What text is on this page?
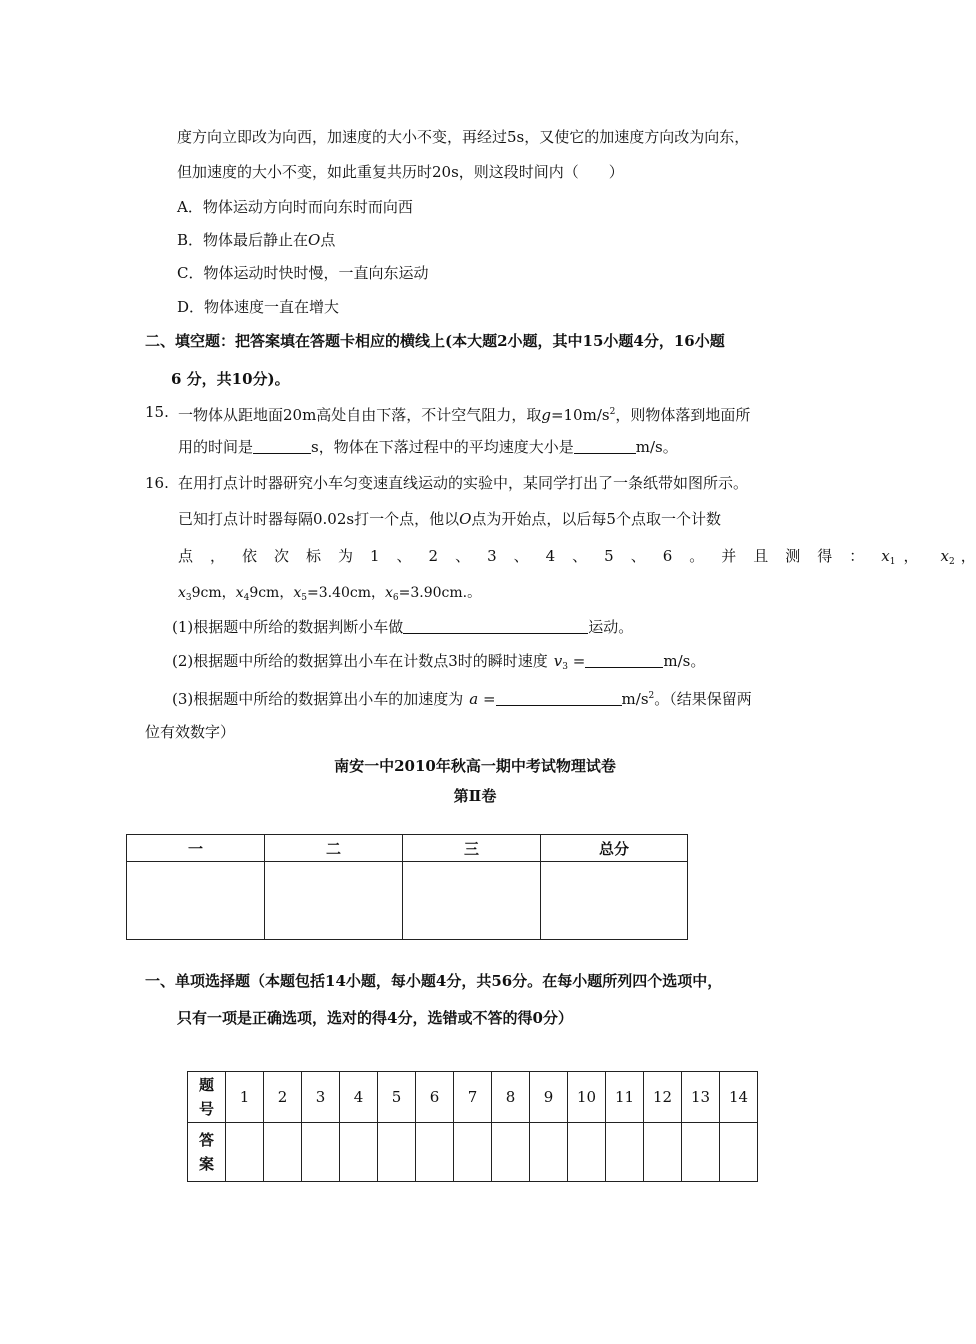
度方向立即改为向西，加速度的大小不变，再经过5s，又使它的加速度方向改为向东，
但加速度的大小不变，如此重复共历时20s，则这段时间内（　　）
A．物体运动方向时而向东时而向西
B．物体最后静止在O点
C．物体运动时快时慢，一直向东运动
D．物体速度一直在增大
二、填空题：把答案填在答题卡相应的横线上(本大题2小题，其中15小题4分，16小题
6 分，共10分)。
15. 一物体从距地面20m高处自由下落，不计空气阻力，取$g=10m/s^2$，则物体落到地面所
用的时间是	s，物体在下落过程中的平均速度大小是	m/s。
16. 在用打点计时器研究小车匀变速直线运动的实验中，某同学打出了一条纸带如图所示。
已知打点计时器每隔0.02s打一个点，他以O点为开始点，以后每5个点取一个计数
点，依次标为1、2、3、4、5、6。并且测得：$x_1$ ， $x_2$ ，
$x_39cm$，$x_49cm$，$x_5=3.40cm$，$x_6=3.90cm$.。
(1)根据题中所给的数据判断小车做	运动。
(2)根据题中所给的数据算出小车在计数点3时的瞬时速度 $v_3$ =	m/s。
(3)根据题中所给的数据算出小车的加速度为 a =	$m/s^2$。（结果保留两
位有效数字）
南安一中2010年秋高一期中考试物理试卷
第Ⅱ卷
一	二	三	总分

一、单项选择题（本题包括14小题，每小题4分，共56分。在每小题所列四个选项中，
只有一项是正确选项，选对的得4分，选错或不答的得0分）
题
号	1	2	3	4	5	6	7	8	9	10	11	12	13	14
答
案														
